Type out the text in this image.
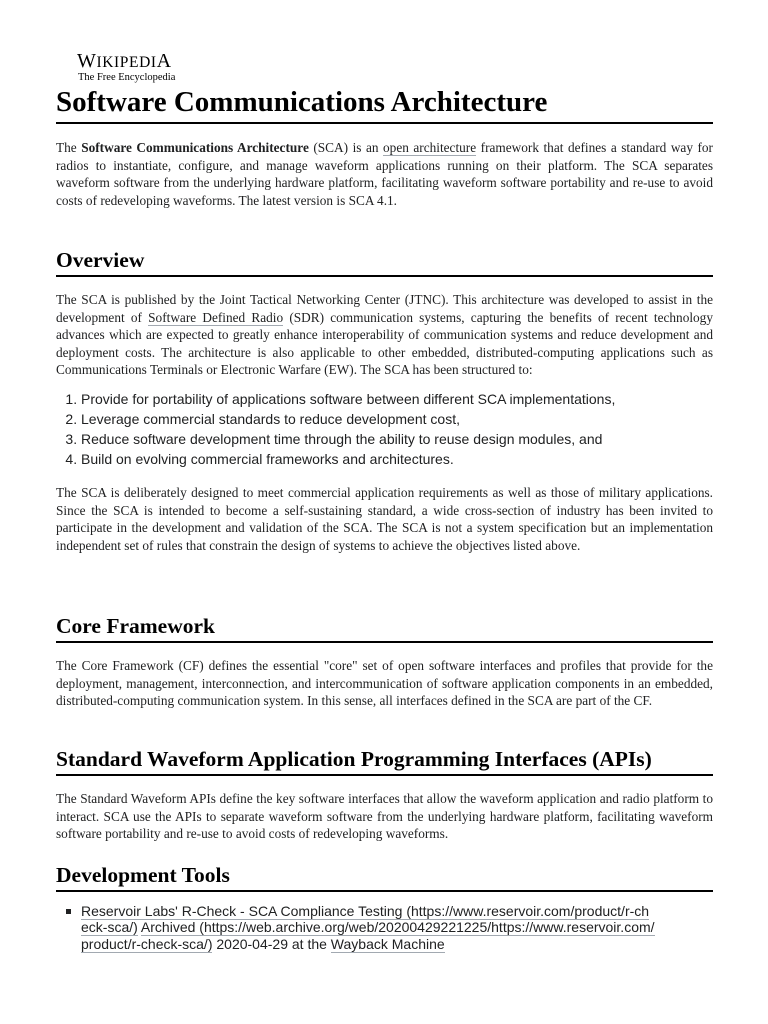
WIKIPEDIA
The Free Encyclopedia
Software Communications Architecture

The Software Communications Architecture (SCA) is an open architecture framework that defines a standard way for radios to instantiate, configure, and manage waveform applications running on their platform. The SCA separates waveform software from the underlying hardware platform, facilitating waveform software portability and re-use to avoid costs of redeveloping waveforms. The latest version is SCA 4.1.

Overview

The SCA is published by the Joint Tactical Networking Center (JTNC). This architecture was developed to assist in the development of Software Defined Radio (SDR) communication systems, capturing the benefits of recent technology advances which are expected to greatly enhance interoperability of communication systems and reduce development and deployment costs. The architecture is also applicable to other embedded, distributed-computing applications such as Communications Terminals or Electronic Warfare (EW). The SCA has been structured to:

1. Provide for portability of applications software between different SCA implementations,
2. Leverage commercial standards to reduce development cost,
3. Reduce software development time through the ability to reuse design modules, and
4. Build on evolving commercial frameworks and architectures.

The SCA is deliberately designed to meet commercial application requirements as well as those of military applications. Since the SCA is intended to become a self-sustaining standard, a wide cross-section of industry has been invited to participate in the development and validation of the SCA. The SCA is not a system specification but an implementation independent set of rules that constrain the design of systems to achieve the objectives listed above.

Core Framework

The Core Framework (CF) defines the essential "core" set of open software interfaces and profiles that provide for the deployment, management, interconnection, and intercommunication of software application components in an embedded, distributed-computing communication system. In this sense, all interfaces defined in the SCA are part of the CF.

Standard Waveform Application Programming Interfaces (APIs)

The Standard Waveform APIs define the key software interfaces that allow the waveform application and radio platform to interact. SCA use the APIs to separate waveform software from the underlying hardware platform, facilitating waveform software portability and re-use to avoid costs of redeveloping waveforms.

Development Tools
Reservoir Labs' R-Check - SCA Compliance Testing (https://www.reservoir.com/product/r-ch
eck-sca/) Archived (https://web.archive.org/web/20200429221225/https://www.reservoir.com/
product/r-check-sca/) 2020-04-29 at the Wayback Machine
